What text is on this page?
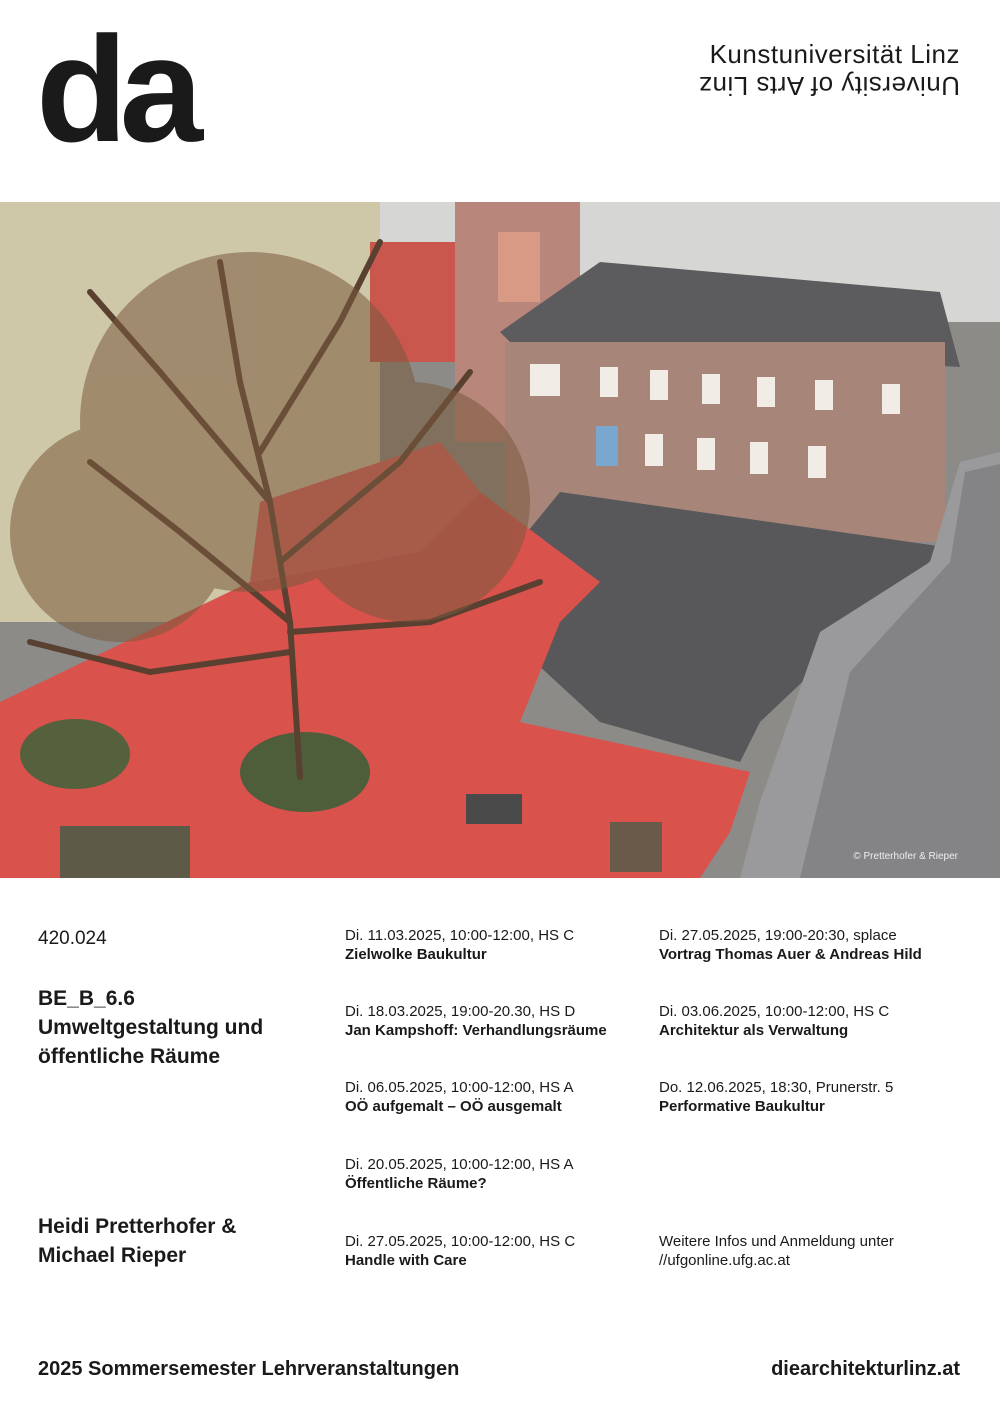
da	Kunstuniversität Linz
University of Arts Linz
© Pretterhofer & Rieper
420.024
BE_B_6.6
Umweltgestaltung und
öffentliche Räume
Heidi Pretterhofer &
Michael Rieper
Di. 11.03.2025, 10:00-12:00, HS C
Zielwolke Baukultur
Di. 18.03.2025, 19:00-20.30, HS D
Jan Kampshoff: Verhandlungsräume
Di. 06.05.2025, 10:00-12:00, HS A
OÖ aufgemalt – OÖ ausgemalt
Di. 20.05.2025, 10:00-12:00, HS A
Öffentliche Räume?
Di. 27.05.2025, 10:00-12:00, HS C
Handle with Care
Di. 27.05.2025, 19:00-20:30, splace
Vortrag Thomas Auer & Andreas Hild
Di. 03.06.2025, 10:00-12:00, HS C
Architektur als Verwaltung
Do. 12.06.2025, 18:30, Prunerstr. 5
Performative Baukultur
Weitere Infos und Anmeldung unter
//ufgonline.ufg.ac.at
2025 Sommersemester Lehrveranstaltungen	diearchitekturlinz.at
